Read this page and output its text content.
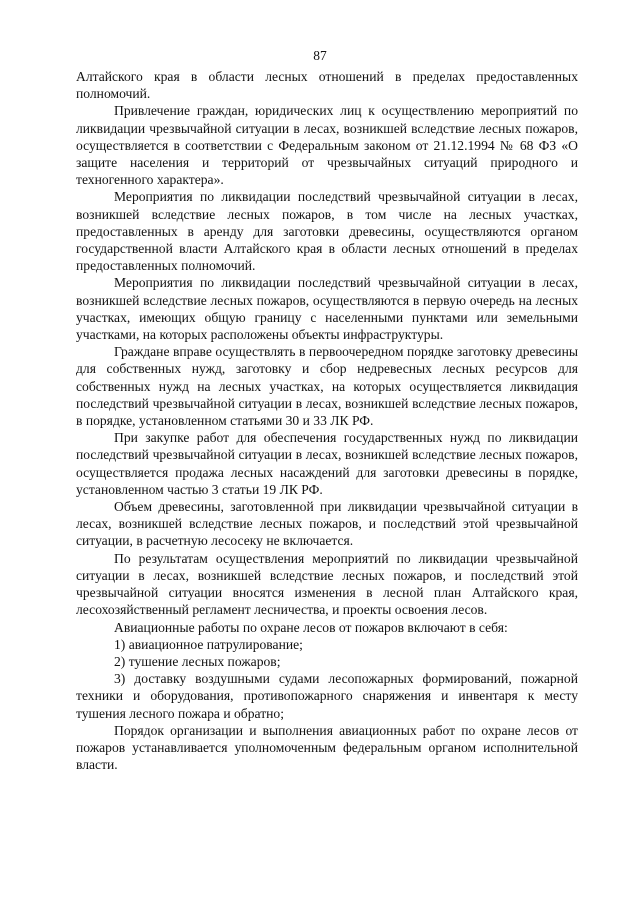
87

Алтайского края в области лесных отношений в пределах предоставленных полномочий.

Привлечение граждан, юридических лиц к осуществлению мероприятий по ликвидации чрезвычайной ситуации в лесах, возникшей вследствие лесных пожаров, осуществляется в соответствии с Федеральным законом от 21.12.1994 № 68 ФЗ «О защите населения и территорий от чрезвычайных ситуаций природного и техногенного характера».

Мероприятия по ликвидации последствий чрезвычайной ситуации в лесах, возникшей вследствие лесных пожаров, в том числе на лесных участках, предоставленных в аренду для заготовки древесины, осуществляются органом государственной власти Алтайского края в области лесных отношений в пределах предоставленных полномочий.

Мероприятия по ликвидации последствий чрезвычайной ситуации в лесах, возникшей вследствие лесных пожаров, осуществляются в первую очередь на лесных участках, имеющих общую границу с населенными пунктами или земельными участками, на которых расположены объекты инфраструктуры.

Граждане вправе осуществлять в первоочередном порядке заготовку древесины для собственных нужд, заготовку и сбор недревесных лесных ресурсов для собственных нужд на лесных участках, на которых осуществляется ликвидация последствий чрезвычайной ситуации в лесах, возникшей вследствие лесных пожаров, в порядке, установленном статьями 30 и 33 ЛК РФ.

При закупке работ для обеспечения государственных нужд по ликвидации последствий чрезвычайной ситуации в лесах, возникшей вследствие лесных пожаров, осуществляется продажа лесных насаждений для заготовки древесины в порядке, установленном частью 3 статьи 19 ЛК РФ.

Объем древесины, заготовленной при ликвидации чрезвычайной ситуации в лесах, возникшей вследствие лесных пожаров, и последствий этой чрезвычайной ситуации, в расчетную лесосеку не включается.

По результатам осуществления мероприятий по ликвидации чрезвычайной ситуации в лесах, возникшей вследствие лесных пожаров, и последствий этой чрезвычайной ситуации вносятся изменения в лесной план Алтайского края, лесохозяйственный регламент лесничества, и проекты освоения лесов.

Авиационные работы по охране лесов от пожаров включают в себя:

1) авиационное патрулирование;

2) тушение лесных пожаров;

3) доставку воздушными судами лесопожарных формирований, пожарной техники и оборудования, противопожарного снаряжения и инвентаря к месту тушения лесного пожара и обратно;

Порядок организации и выполнения авиационных работ по охране лесов от пожаров устанавливается уполномоченным федеральным органом исполнительной власти.
